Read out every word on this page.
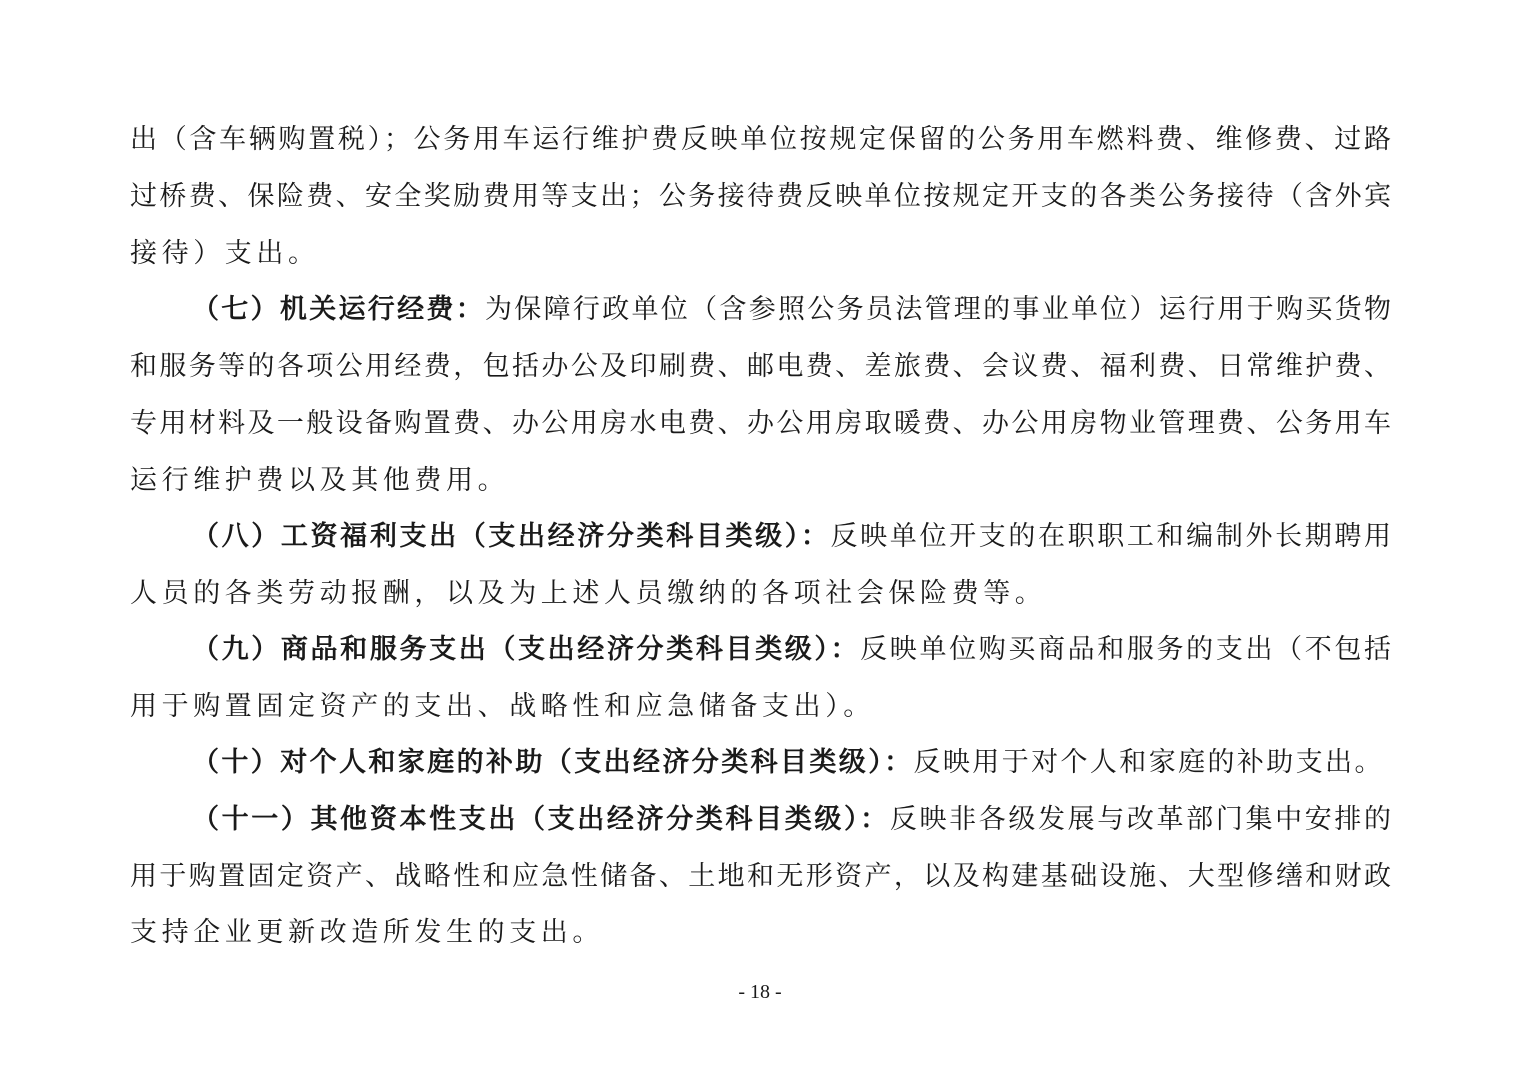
出（含车辆购置税）；公务用车运行维护费反映单位按规定保留的公务用车燃料费、维修费、过路
过桥费、保险费、安全奖励费用等支出；公务接待费反映单位按规定开支的各类公务接待（含外宾
接待）支出。
（七）机关运行经费：为保障行政单位（含参照公务员法管理的事业单位）运行用于购买货物
和服务等的各项公用经费，包括办公及印刷费、邮电费、差旅费、会议费、福利费、日常维护费、
专用材料及一般设备购置费、办公用房水电费、办公用房取暖费、办公用房物业管理费、公务用车
运行维护费以及其他费用。
（八）工资福利支出（支出经济分类科目类级）：反映单位开支的在职职工和编制外长期聘用
人员的各类劳动报酬，以及为上述人员缴纳的各项社会保险费等。
（九）商品和服务支出（支出经济分类科目类级）：反映单位购买商品和服务的支出（不包括
用于购置固定资产的支出、战略性和应急储备支出）。
（十）对个人和家庭的补助（支出经济分类科目类级）：反映用于对个人和家庭的补助支出。
（十一）其他资本性支出（支出经济分类科目类级）：反映非各级发展与改革部门集中安排的
用于购置固定资产、战略性和应急性储备、土地和无形资产，以及构建基础设施、大型修缮和财政
支持企业更新改造所发生的支出。
- 18 -
